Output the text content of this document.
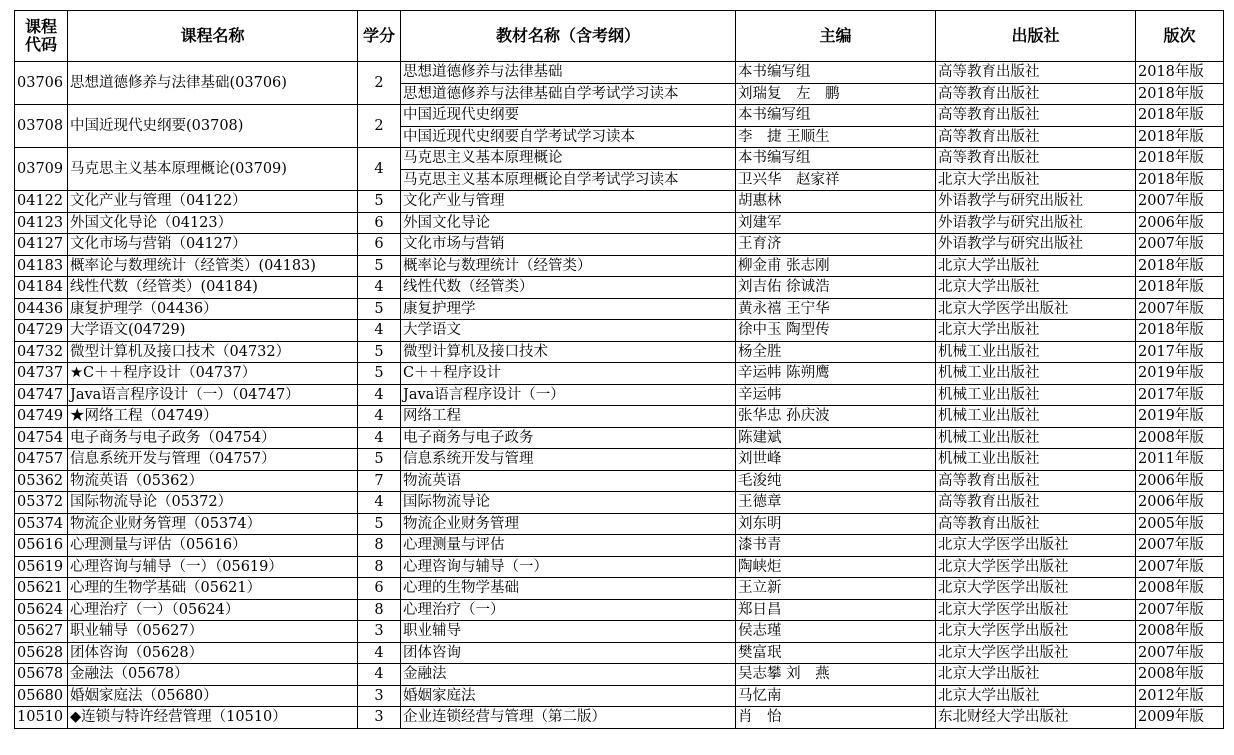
课程
代码	课程名称	学分	教材名称（含考纲）	主编	出版社	版次
03706	思想道德修养与法律基础(03706)	2	思想道德修养与法律基础	本书编写组	高等教育出版社	2018年版
			思想道德修养与法律基础自学考试学习读本	刘瑞复　左　鹏	高等教育出版社	2018年版
03708	中国近现代史纲要(03708)	2	中国近现代史纲要	本书编写组	高等教育出版社	2018年版
			中国近现代史纲要自学考试学习读本	李　捷 王顺生	高等教育出版社	2018年版
03709	马克思主义基本原理概论(03709)	4	马克思主义基本原理概论	本书编写组	高等教育出版社	2018年版
			马克思主义基本原理概论自学考试学习读本	卫兴华　赵家祥	北京大学出版社	2018年版
04122	文化产业与管理（04122）	5	文化产业与管理	胡惠林	外语教学与研究出版社	2007年版
04123	外国文化导论（04123）	6	外国文化导论	刘建军	外语教学与研究出版社	2006年版
04127	文化市场与营销（04127）	6	文化市场与营销	王育济	外语教学与研究出版社	2007年版
04183	概率论与数理统计（经管类）(04183)	5	概率论与数理统计（经管类）	柳金甫 张志刚	北京大学出版社	2018年版
04184	线性代数（经管类）(04184)	4	线性代数（经管类）	刘吉佑 徐诚浩	北京大学出版社	2018年版
04436	康复护理学（04436）	5	康复护理学	黄永禧 王宁华	北京大学医学出版社	2007年版
04729	大学语文(04729)	4	大学语文	徐中玉 陶型传	北京大学出版社	2018年版
04732	微型计算机及接口技术（04732）	5	微型计算机及接口技术	杨全胜	机械工业出版社	2017年版
04737	★C＋＋程序设计（04737）	5	C＋＋程序设计	辛运帏 陈朔鹰	机械工业出版社	2019年版
04747	Java语言程序设计（一）（04747）	4	Java语言程序设计（一）	辛运帏	机械工业出版社	2017年版
04749	★网络工程（04749）	4	网络工程	张华忠 孙庆波	机械工业出版社	2019年版
04754	电子商务与电子政务（04754）	4	电子商务与电子政务	陈建斌	机械工业出版社	2008年版
04757	信息系统开发与管理（04757）	5	信息系统开发与管理	刘世峰	机械工业出版社	2011年版
05362	物流英语（05362）	7	物流英语	毛浚纯	高等教育出版社	2006年版
05372	国际物流导论（05372）	4	国际物流导论	王德章	高等教育出版社	2006年版
05374	物流企业财务管理（05374）	5	物流企业财务管理	刘东明	高等教育出版社	2005年版
05616	心理测量与评估（05616）	8	心理测量与评估	漆书青	北京大学医学出版社	2007年版
05619	心理咨询与辅导（一）（05619）	8	心理咨询与辅导（一）	陶峡炬	北京大学医学出版社	2007年版
05621	心理的生物学基础（05621）	6	心理的生物学基础	王立新	北京大学医学出版社	2008年版
05624	心理治疗（一）（05624）	8	心理治疗（一）	郑日昌	北京大学医学出版社	2007年版
05627	职业辅导（05627）	3	职业辅导	侯志瑾	北京大学医学出版社	2008年版
05628	团体咨询（05628）	4	团体咨询	樊富珉	北京大学医学出版社	2007年版
05678	金融法（05678）	4	金融法	吴志攀 刘　燕	北京大学出版社	2008年版
05680	婚姻家庭法（05680）	3	婚姻家庭法	马忆南	北京大学出版社	2012年版
10510	◆连锁与特许经营管理（10510）	3	企业连锁经营与管理（第二版）	肖　怡	东北财经大学出版社	2009年版
